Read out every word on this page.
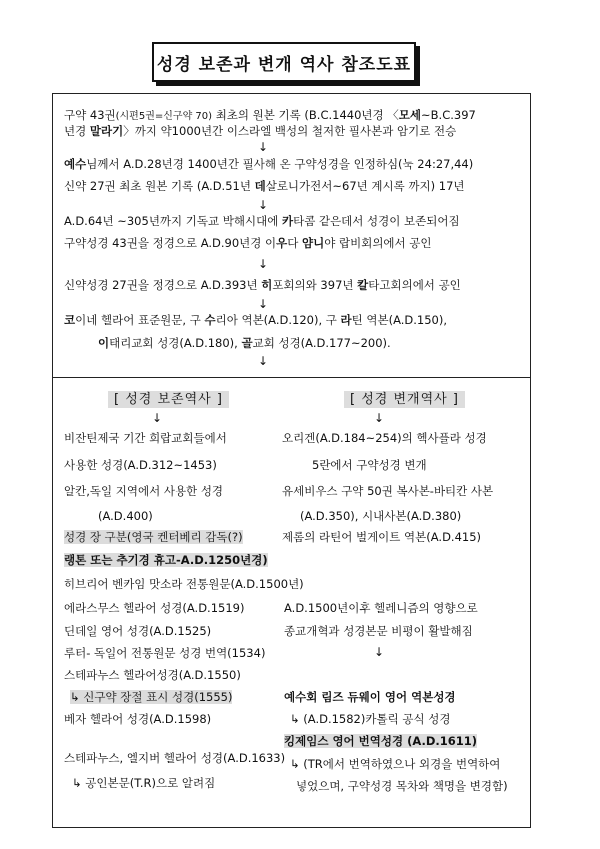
성경 보존과 변개 역사 참조도표
구약 43권(시편5권=신구약 70) 최초의 원본 기록 (B.C.1440년경 〈모세~B.C.397
년경 말라기〉까지 약1000년간 이스라엘 백성의 철저한 필사본과 암기로 전승
↓
예수님께서 A.D.28년경 1400년간 필사해 온 구약성경을 인정하심(눅 24:27,44)
신약 27권 최초 원본 기록 (A.D.51년 데살로니가전서~67년 계시록 까지) 17년
↓
A.D.64년 ~305년까지 기독교 박해시대에 카타콤 같은데서 성경이 보존되어짐
구약성경 43권을 정경으로 A.D.90년경 이우다 얌니야 랍비회의에서 공인
↓
신약성경 27권을 정경으로 A.D.393년 히포회의와 397년 칼타고회의에서 공인
↓
코이네 헬라어 표준원문, 구 수리아 역본(A.D.120), 구 라틴 역본(A.D.150),
이태리교회 성경(A.D.180), 골교회 성경(A.D.177~200).
↓
[ 성경 보존역사 ]	[ 성경 변개역사 ]
↓	↓
비잔틴제국 기간 희랍교회들에서
사용한 성경(A.D.312~1453)
알칸,독일 지역에서 사용한 성경
(A.D.400)
성경 장 구분(영국 켄터베리 감독(?)
랭톤 또는 추기경 휴고-A.D.1250년경)
히브리어 벤카임 맛소라 전통원문(A.D.1500년)
에라스무스 헬라어 성경(A.D.1519)
딘데일 영어 성경(A.D.1525)
루터- 독일어 전통원문 성경 번역(1534)
스테파누스 헬라어성경(A.D.1550)
↳ 신구약 장절 표시 성경(1555)
베자 헬라어 성경(A.D.1598)
스테파누스, 엘지버 헬라어 성경(A.D.1633)
↳ 공인본문(T.R)으로 알려짐
오리겐(A.D.184~254)의 헥사플라 성경
5란에서 구약성경 변개
유세비우스 구약 50권 복사본-바티칸 사본
(A.D.350), 시내사본(A.D.380)
제롬의 라틴어 벌게이트 역본(A.D.415)
A.D.1500년이후 헬레니즘의 영향으로
종교개혁과 성경본문 비평이 활발해짐
↓
예수회 림즈 듀웨이 영어 역본성경
↳ (A.D.1582)카톨릭 공식 성경
킹제임스 영어 번역성경 (A.D.1611)
↳ (TR에서 번역하였으나 외경을 번역하여
넣었으며, 구약성경 목차와 책명을 변경함)
